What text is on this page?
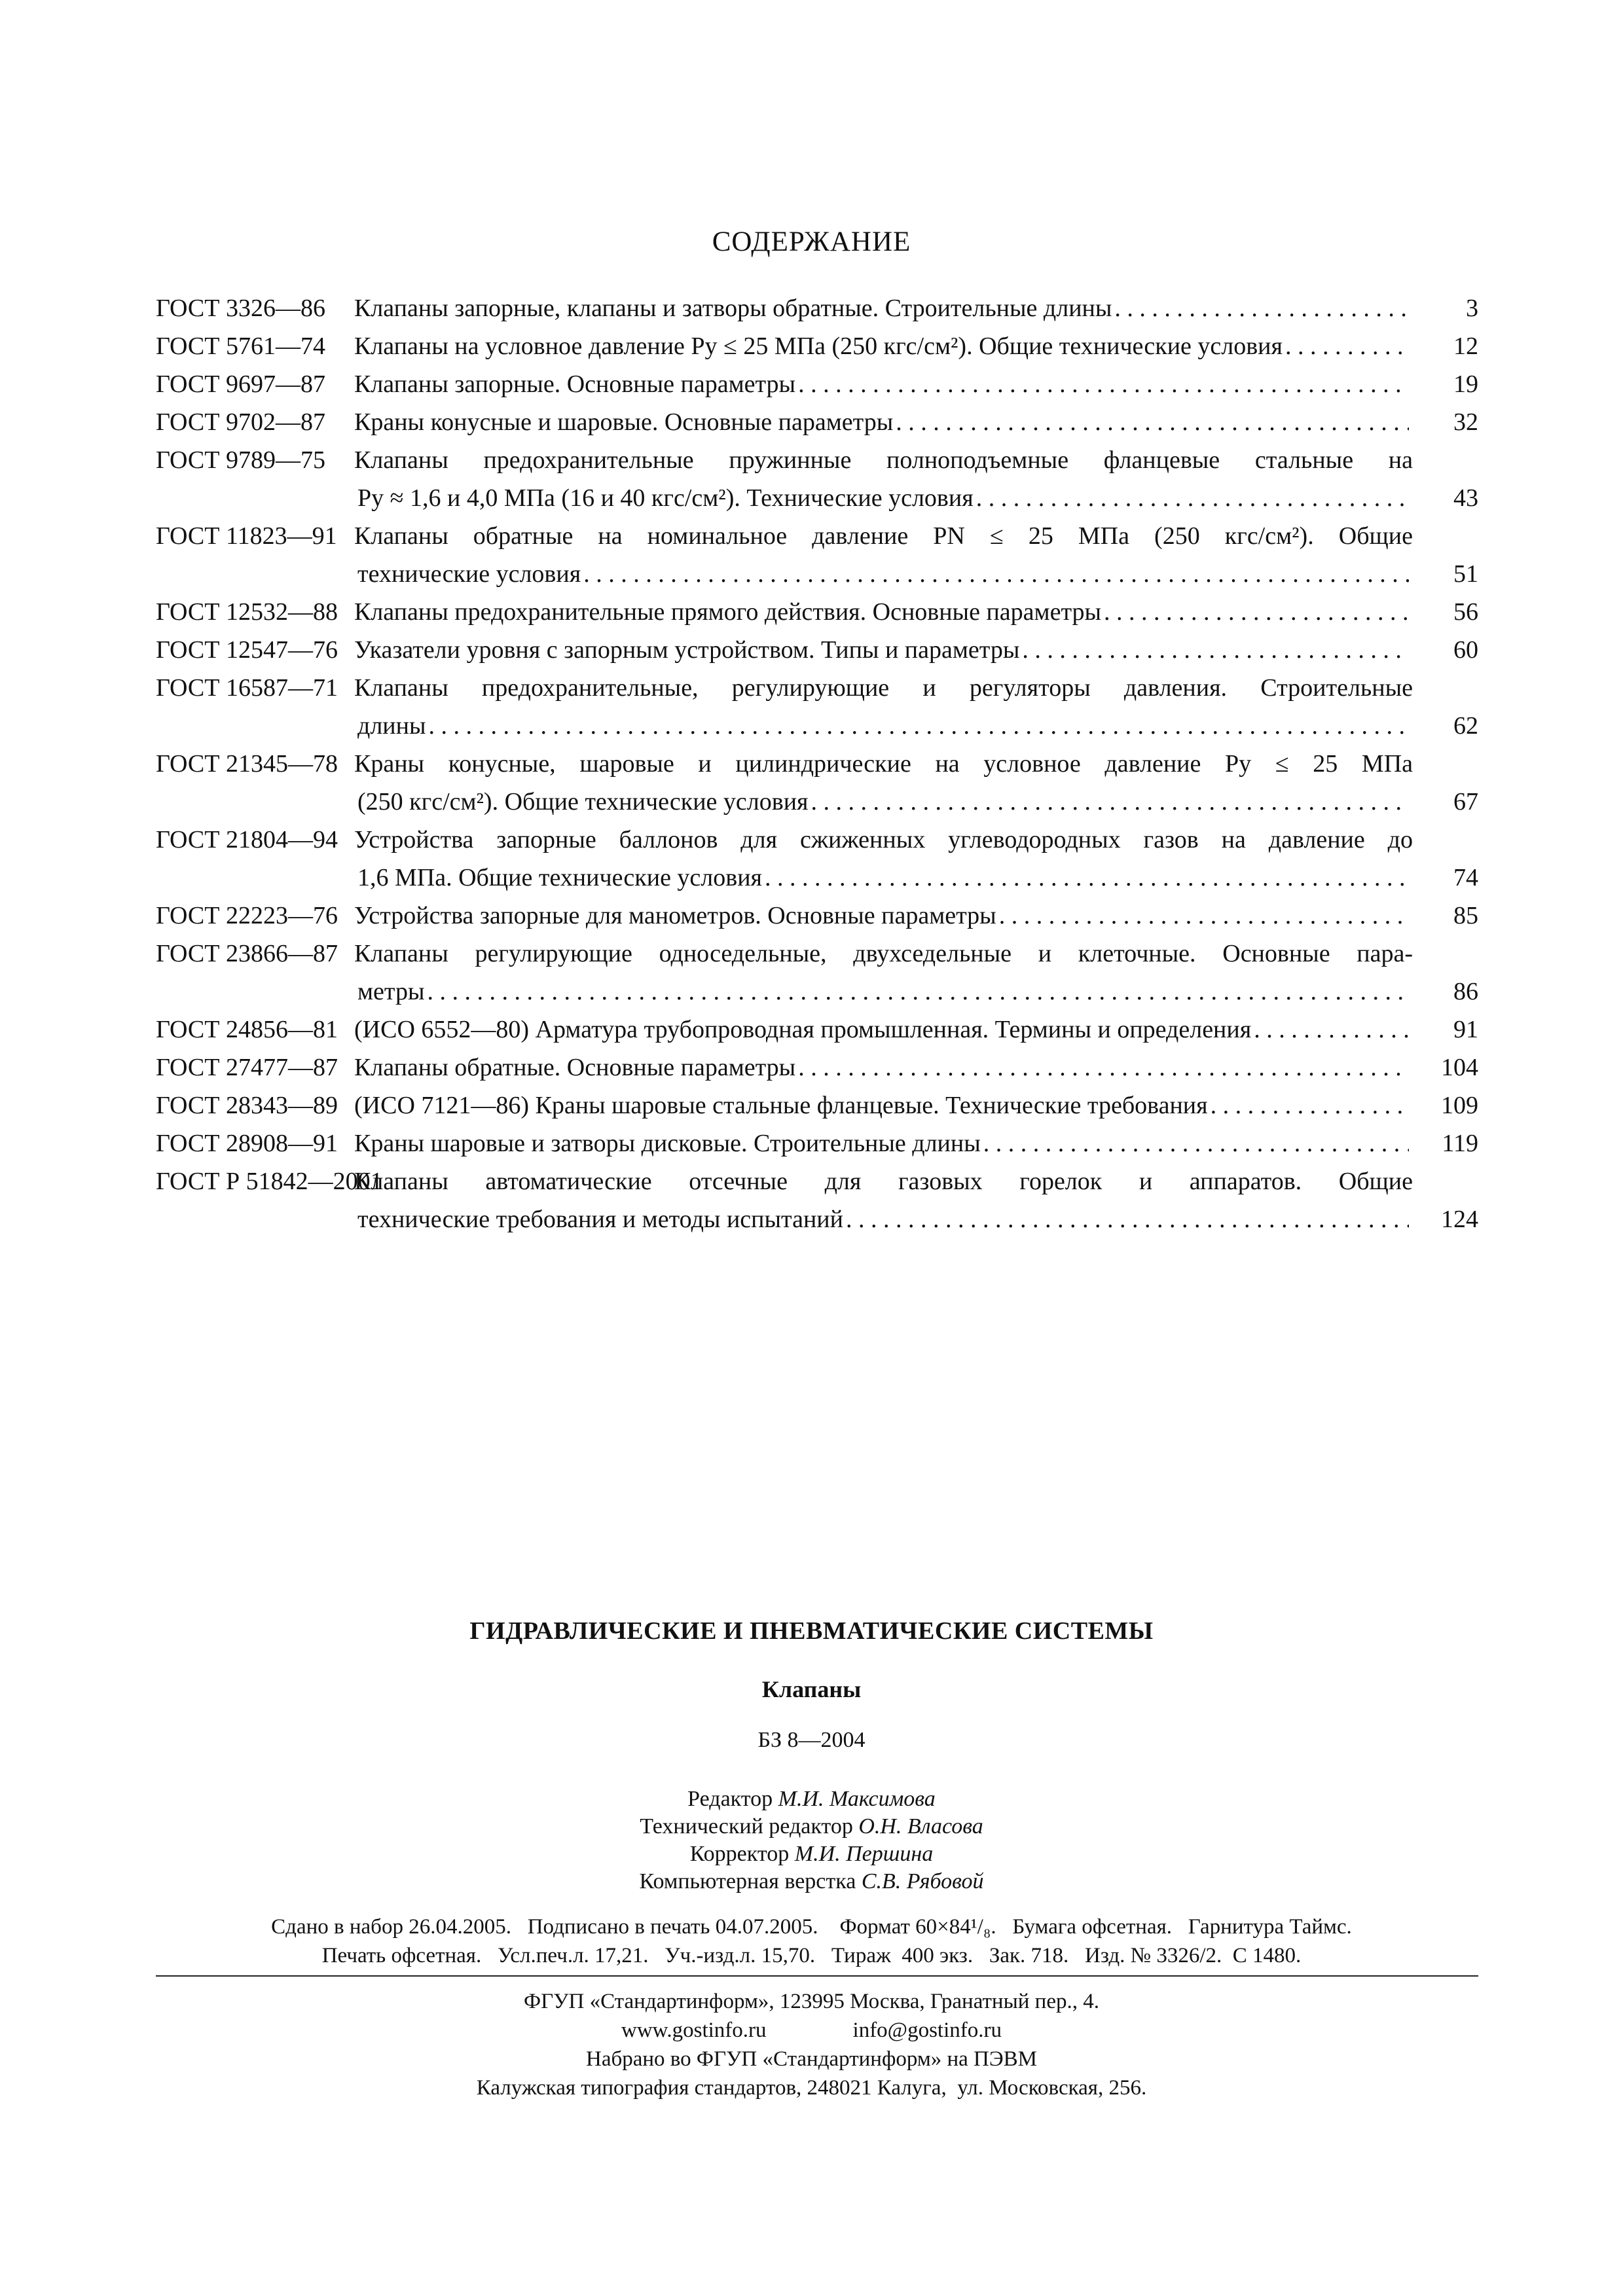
СОДЕРЖАНИЕ
ГОСТ 3326—86	Клапаны запорные, клапаны и затворы обратные. Строительные длины . . .	3
ГОСТ 5761—74	Клапаны на условное давление Pу ≤ 25 МПа (250 кгс/см²). Общие технические условия . . .	12
ГОСТ 9697—87	Клапаны запорные. Основные параметры . . .	19
ГОСТ 9702—87	Краны конусные и шаровые. Основные параметры . . .	32
ГОСТ 9789—75	Клапаны предохранительные пружинные полноподъемные фланцевые стальные на
Pу ≈ 1,6 и 4,0 МПа (16 и 40 кгс/см²). Технические условия . . .	43
ГОСТ 11823—91 Клапаны обратные на номинальное давление PN ≤ 25 МПа (250 кгс/см²). Общие
технические условия . . .	51
ГОСТ 12532—88 Клапаны предохранительные прямого действия. Основные параметры . . .	56
ГОСТ 12547—76 Указатели уровня с запорным устройством. Типы и параметры . . .	60
ГОСТ 16587—71 Клапаны предохранительные, регулирующие и регуляторы давления. Строительные
длины . . .	62
ГОСТ 21345—78 Краны конусные, шаровые и цилиндрические на условное давление Pу ≤ 25 МПа
(250 кгс/см²). Общие технические условия . . .	67
ГОСТ 21804—94 Устройства запорные баллонов для сжиженных углеводородных газов на давление до
1,6 МПа. Общие технические условия . . .	74
ГОСТ 22223—76 Устройства запорные для манометров. Основные параметры . . .	85
ГОСТ 23866—87 Клапаны регулирующие односедельные, двухседельные и клеточные. Основные пара-
метры . . .	86
ГОСТ 24856—81 (ИСО 6552—80) Арматура трубопроводная промышленная. Термины и определения . . .	91
ГОСТ 27477—87 Клапаны обратные. Основные параметры . . .	104
ГОСТ 28343—89 (ИСО 7121—86) Краны шаровые стальные фланцевые. Технические требования . . .	109
ГОСТ 28908—91 Краны шаровые и затворы дисковые. Строительные длины . . .	119
ГОСТ Р 51842—2001
Клапаны автоматические отсечные для газовых горелок и аппаратов. Общие
технические требования и методы испытаний . . .	124
ГИДРАВЛИЧЕСКИЕ И ПНЕВМАТИЧЕСКИЕ СИСТЕМЫ
Клапаны
БЗ 8—2004
Редактор М.И. Максимова
Технический редактор О.Н. Власова
Корректор М.И. Першина
Компьютерная верстка С.В. Рябовой
Сдано в набор 26.04.2005.   Подписано в печать 04.07.2005.    Формат 60×84¹/₈.   Бумага офсетная.   Гарнитура Таймс.
Печать офсетная.   Усл.печ.л. 17,21.   Уч.-изд.л. 15,70.   Тираж  400 экз.   Зак. 718.   Изд. № 3326/2.  С 1480.
ФГУП «Стандартинформ», 123995 Москва, Гранатный пер., 4.
www.gostinfo.ru                info@gostinfo.ru
Набрано во ФГУП «Стандартинформ» на ПЭВМ
Калужская типография стандартов, 248021 Калуга,  ул. Московская, 256.
